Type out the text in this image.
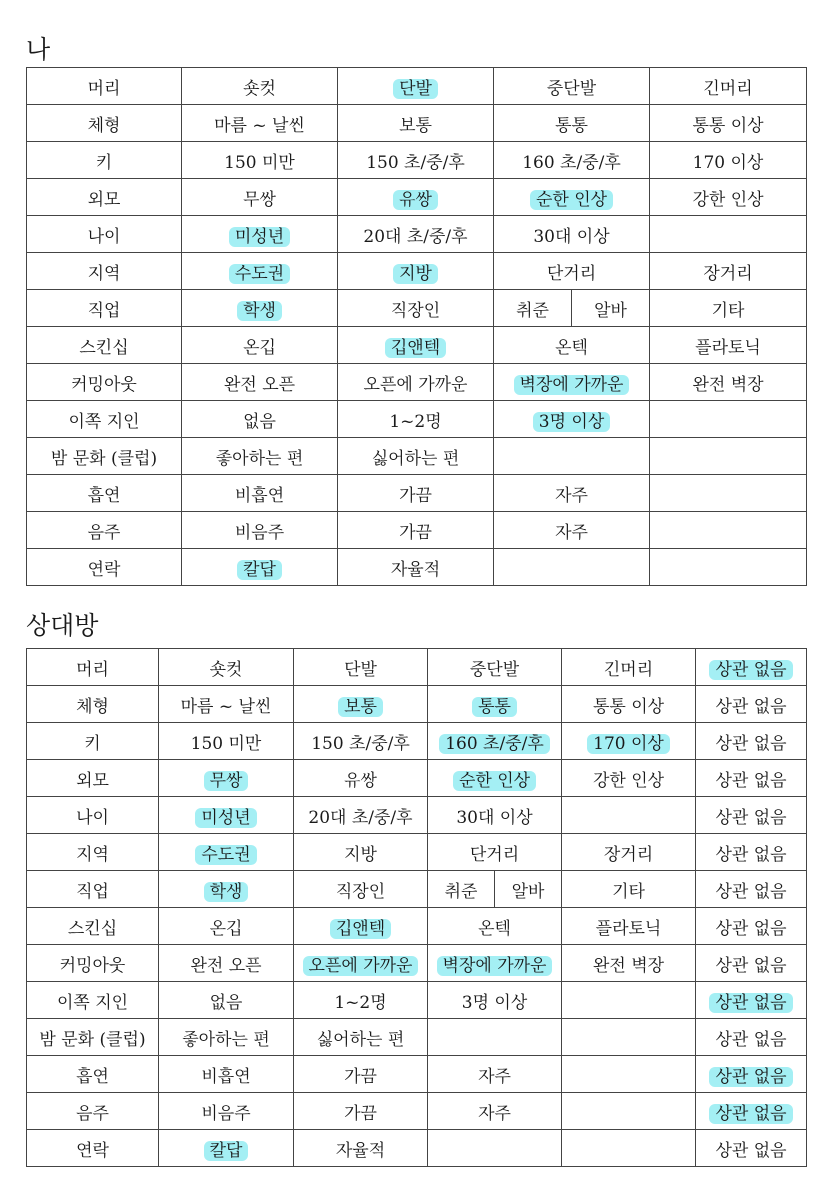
나
머리	숏컷	단발	중단발	긴머리
체형	마름 ~ 날씬	보통	통통	통통 이상
키	150 미만	150 초/중/후	160 초/중/후	170 이상
외모	무쌍	유쌍	순한 인상	강한 인상
나이	미성년	20대 초/중/후	30대 이상	
지역	수도권	지방	단거리	장거리
직업	학생	직장인	취준 알바	기타
스킨십	온깁	깁앤텍	온텍	플라토닉
커밍아웃	완전 오픈	오픈에 가까운	벽장에 가까운	완전 벽장
이쪽 지인	없음	1~2명	3명 이상	
밤 문화 (클럽)	좋아하는 편	싫어하는 편		
흡연	비흡연	가끔	자주	
음주	비음주	가끔	자주	
연락	칼답	자율적		
상대방
머리	숏컷	단발	중단발	긴머리	상관 없음
체형	마름 ~ 날씬	보통	통통	통통 이상	상관 없음
키	150 미만	150 초/중/후	160 초/중/후	170 이상	상관 없음
외모	무쌍	유쌍	순한 인상	강한 인상	상관 없음
나이	미성년	20대 초/중/후	30대 이상		상관 없음
지역	수도권	지방	단거리	장거리	상관 없음
직업	학생	직장인	취준 알바	기타	상관 없음
스킨십	온깁	깁앤텍	온텍	플라토닉	상관 없음
커밍아웃	완전 오픈	오픈에 가까운	벽장에 가까운	완전 벽장	상관 없음
이쪽 지인	없음	1~2명	3명 이상		상관 없음
밤 문화 (클럽)	좋아하는 편	싫어하는 편			상관 없음
흡연	비흡연	가끔	자주		상관 없음
음주	비음주	가끔	자주		상관 없음
연락	칼답	자율적			상관 없음
